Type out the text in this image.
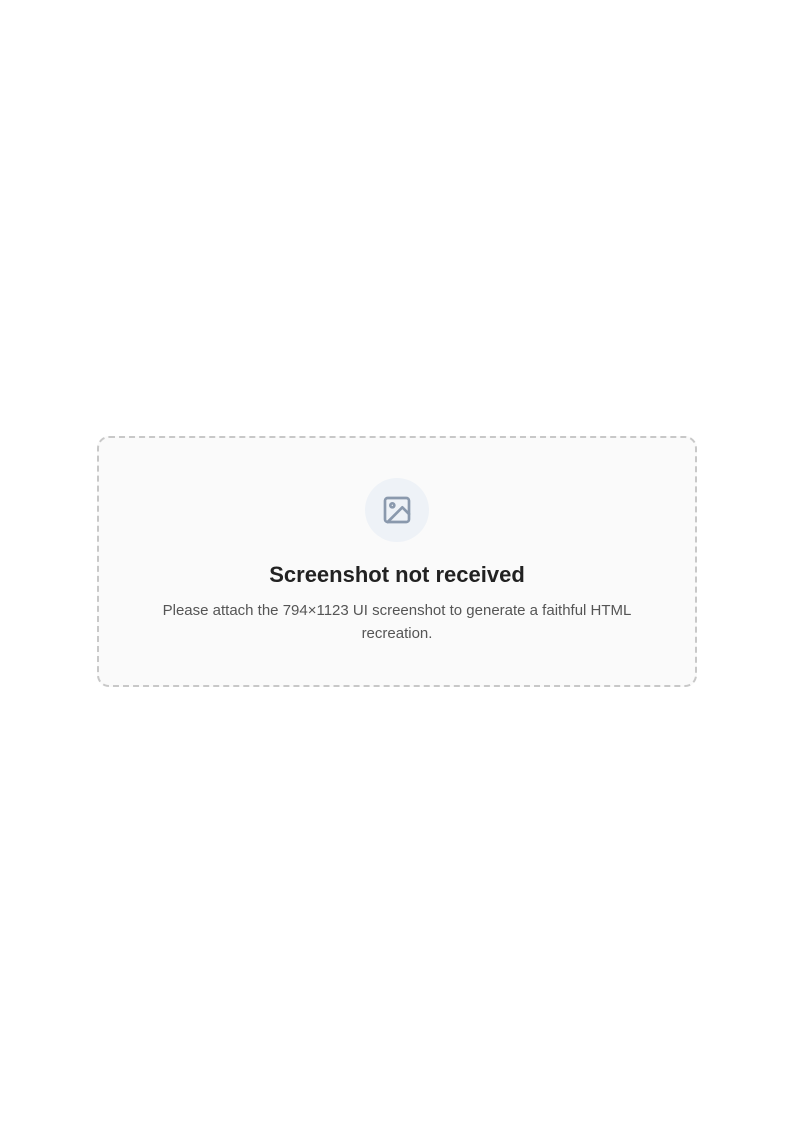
Screenshot not received

Please attach the 794×1123 UI screenshot to generate a faithful HTML recreation.
